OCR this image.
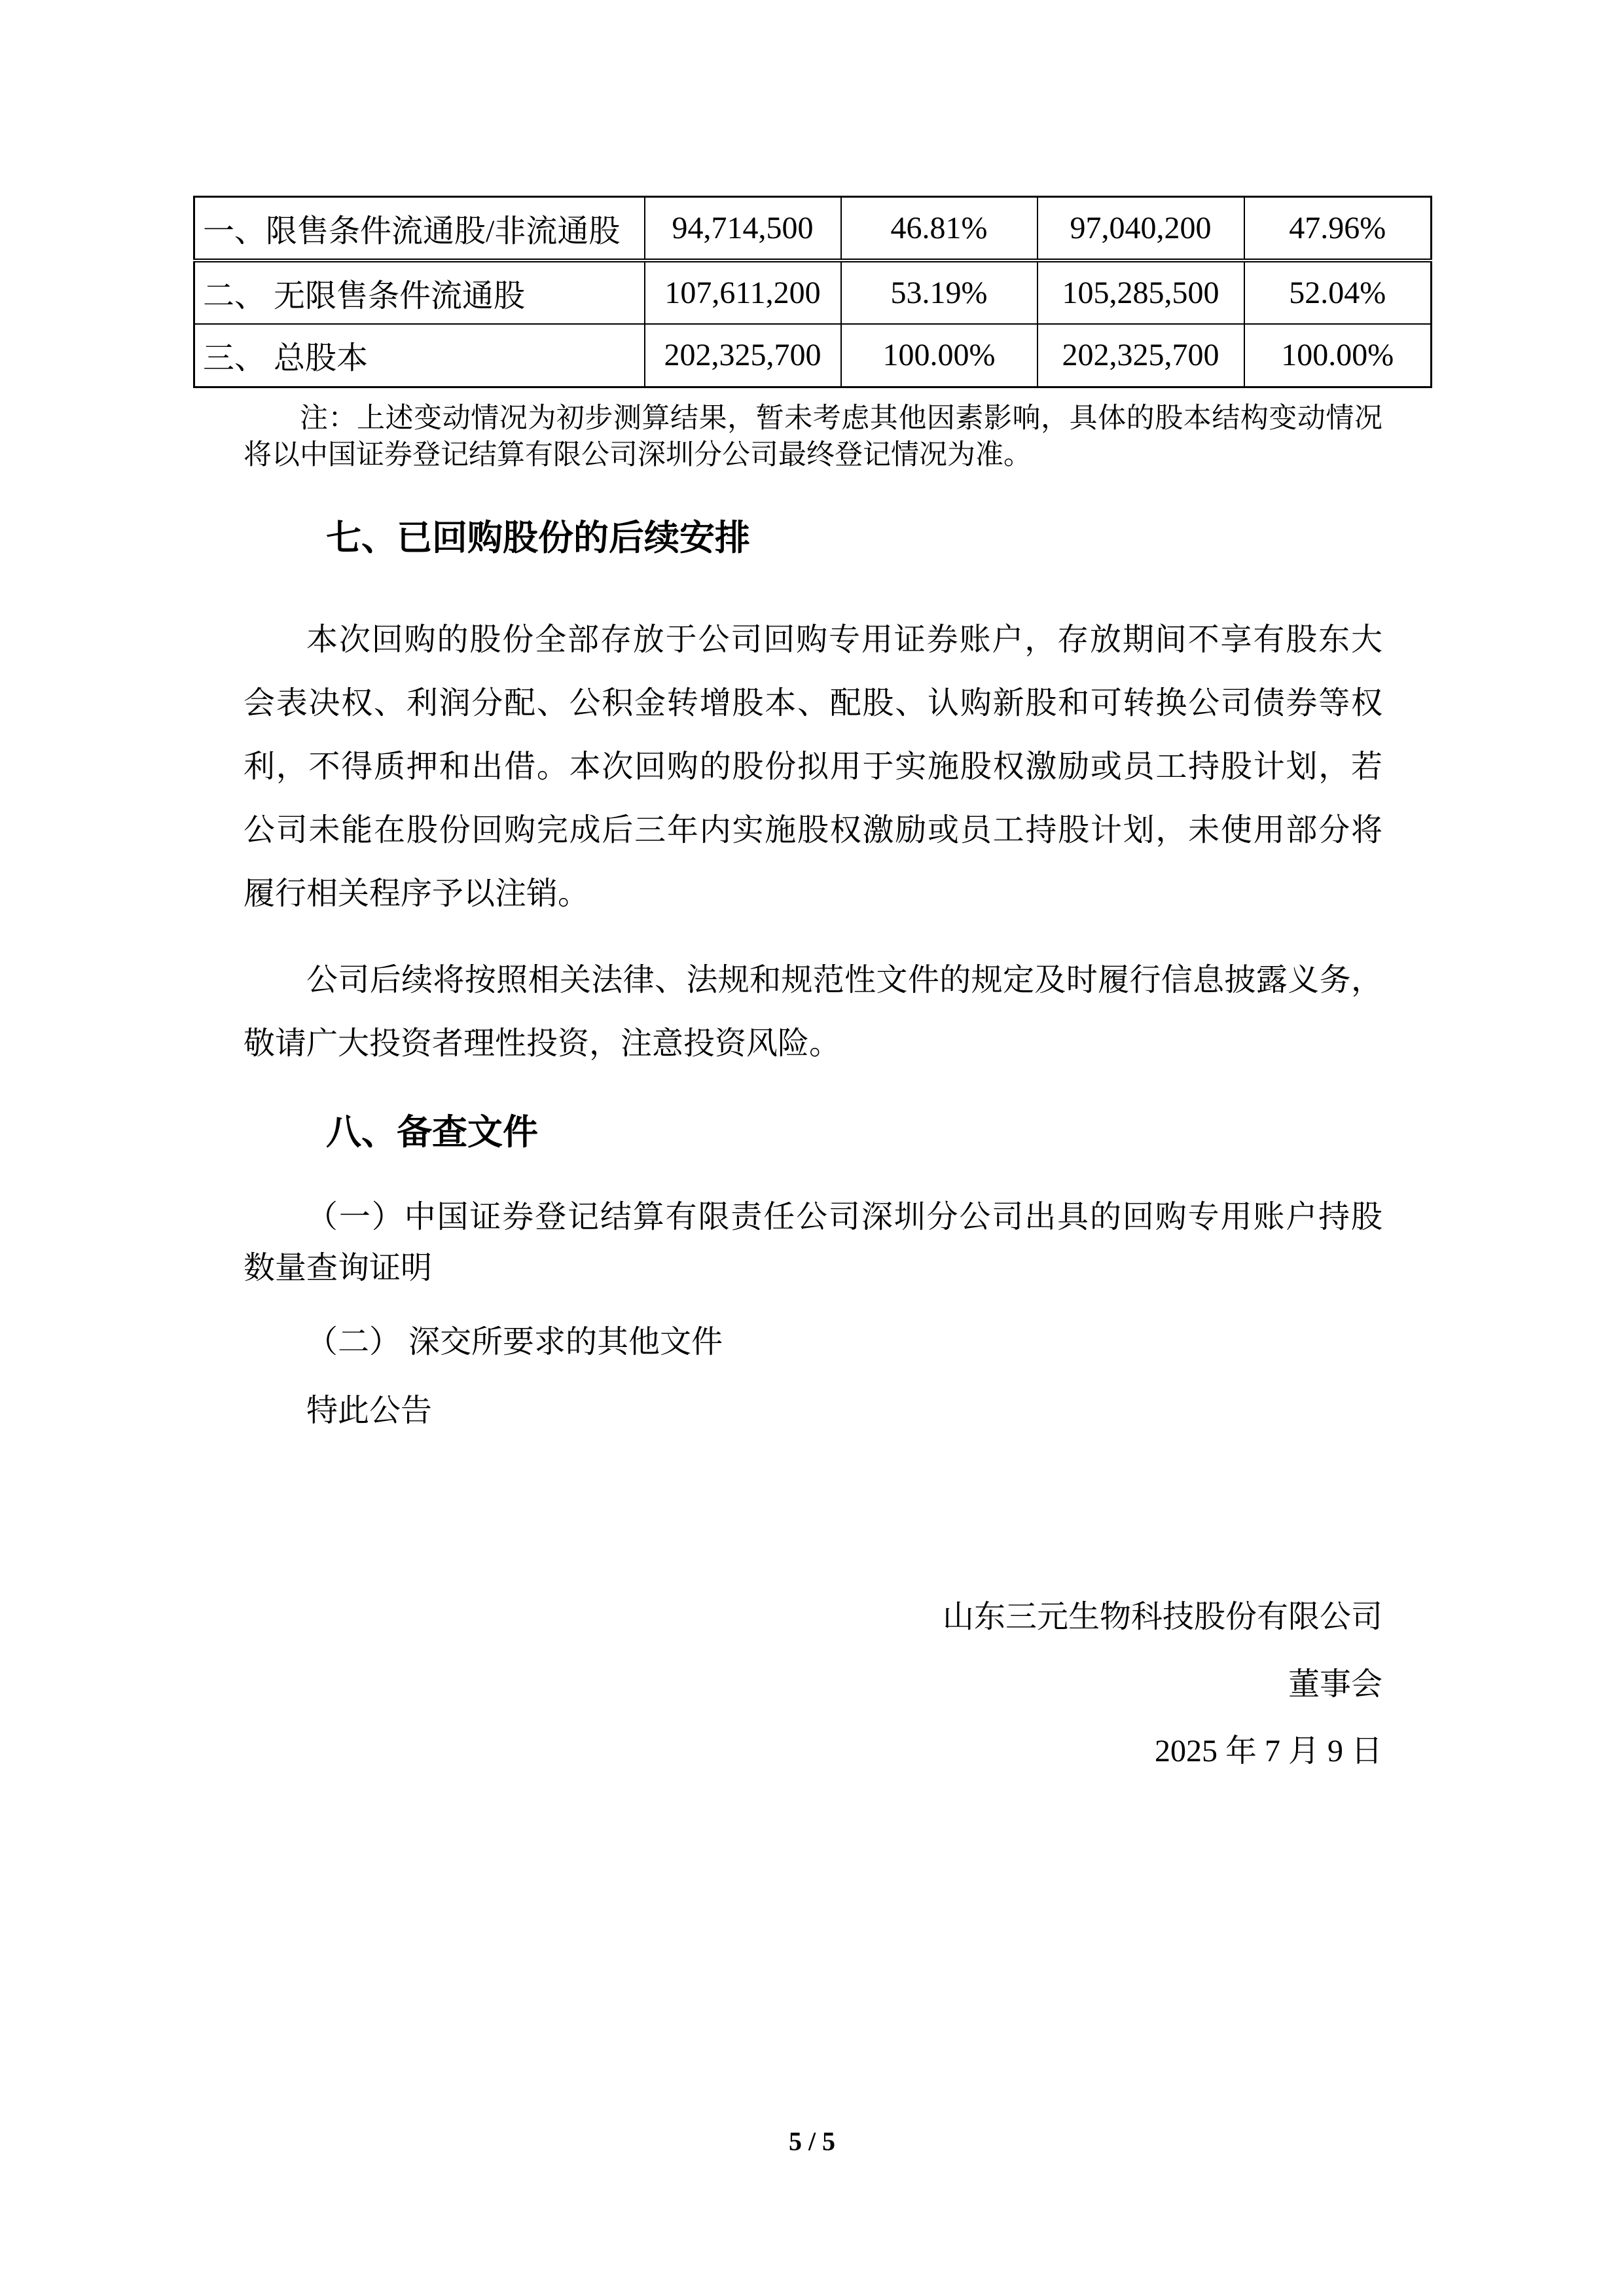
一、限售条件流通股/非流通股	94,714,500	46.81%	97,040,200	47.96%
二、 无限售条件流通股	107,611,200	53.19%	105,285,500	52.04%
三、 总股本	202,325,700	100.00%	202,325,700	100.00%
注：上述变动情况为初步测算结果，暂未考虑其他因素影响，具体的股本结构变动情况
将以中国证券登记结算有限公司深圳分公司最终登记情况为准。
七、已回购股份的后续安排
本次回购的股份全部存放于公司回购专用证券账户，存放期间不享有股东大
会表决权、利润分配、公积金转增股本、配股、认购新股和可转换公司债券等权
利，不得质押和出借。本次回购的股份拟用于实施股权激励或员工持股计划，若
公司未能在股份回购完成后三年内实施股权激励或员工持股计划，未使用部分将
履行相关程序予以注销。
公司后续将按照相关法律、法规和规范性文件的规定及时履行信息披露义务，
敬请广大投资者理性投资，注意投资风险。
八、备查文件
（一）中国证券登记结算有限责任公司深圳分公司出具的回购专用账户持股
数量查询证明
（二） 深交所要求的其他文件
特此公告
山东三元生物科技股份有限公司
董事会
2025 年 7 月 9 日
5 / 5
